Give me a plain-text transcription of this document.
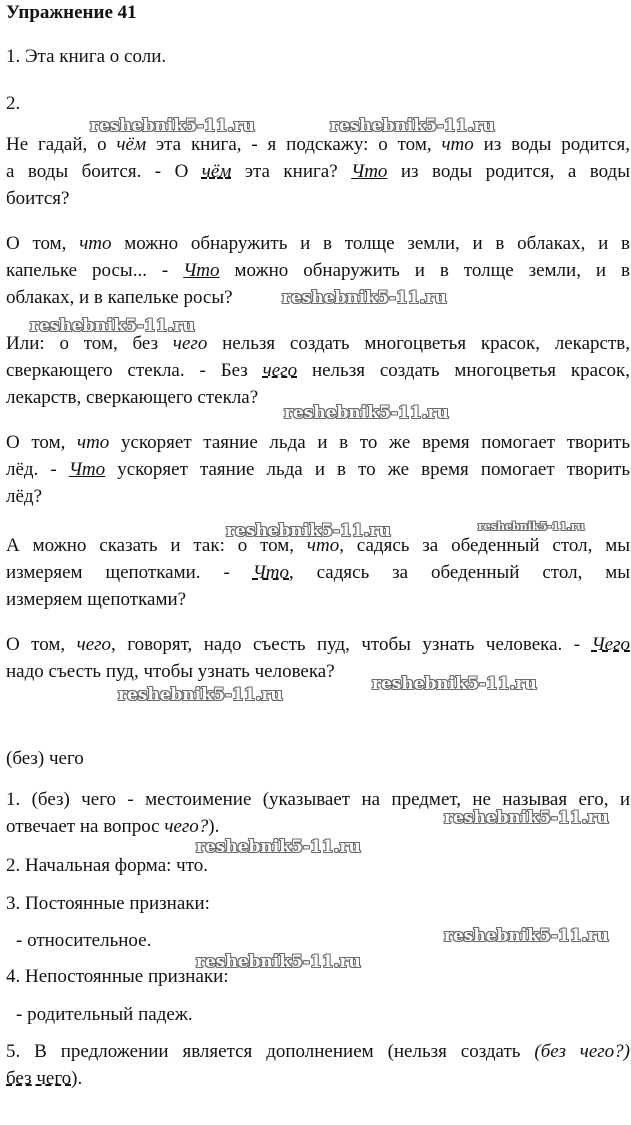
Упражнение 41
1. Эта книга о соли.
2.
Не гадай, о чём эта книга, - я подскажу: о том, что из воды родится,
а воды боится. - О чём эта книга? Что из воды родится, а воды
боится?
О том, что можно обнаружить и в толще земли, и в облаках, и в
капельке росы... - Что можно обнаружить и в толще земли, и в
облаках, и в капельке росы?
Или: о том, без чего нельзя создать многоцветья красок, лекарств,
сверкающего стекла. - Без чего нельзя создать многоцветья красок,
лекарств, сверкающего стекла?
О том, что ускоряет таяние льда и в то же время помогает творить
лёд. - Что ускоряет таяние льда и в то же время помогает творить
лёд?
А можно сказать и так: о том, что, садясь за обеденный стол, мы
измеряем щепотками. - Что, садясь за обеденный стол, мы
измеряем щепотками?
О том, чего, говорят, надо съесть пуд, чтобы узнать человека. - Чего
надо съесть пуд, чтобы узнать человека?
(без) чего
1. (без) чего - местоимение (указывает на предмет, не называя его, и
отвечает на вопрос чего?).
2. Начальная форма: что.
3. Постоянные признаки:
- относительное.
4. Непостоянные признаки:
- родительный падеж.
5. В предложении является дополнением (нельзя создать (без чего?)
без чего).
reshebnik5-11.ru	reshebnik5-11.ru
reshebnik5-11.ru
reshebnik5-11.ru
reshebnik5-11.ru
reshebnik5-11.ru	reshebnik5-11.ru
reshebnik5-11.ru
reshebnik5-11.ru
reshebnik5-11.ru
reshebnik5-11.ru
reshebnik5-11.ru
reshebnik5-11.ru
